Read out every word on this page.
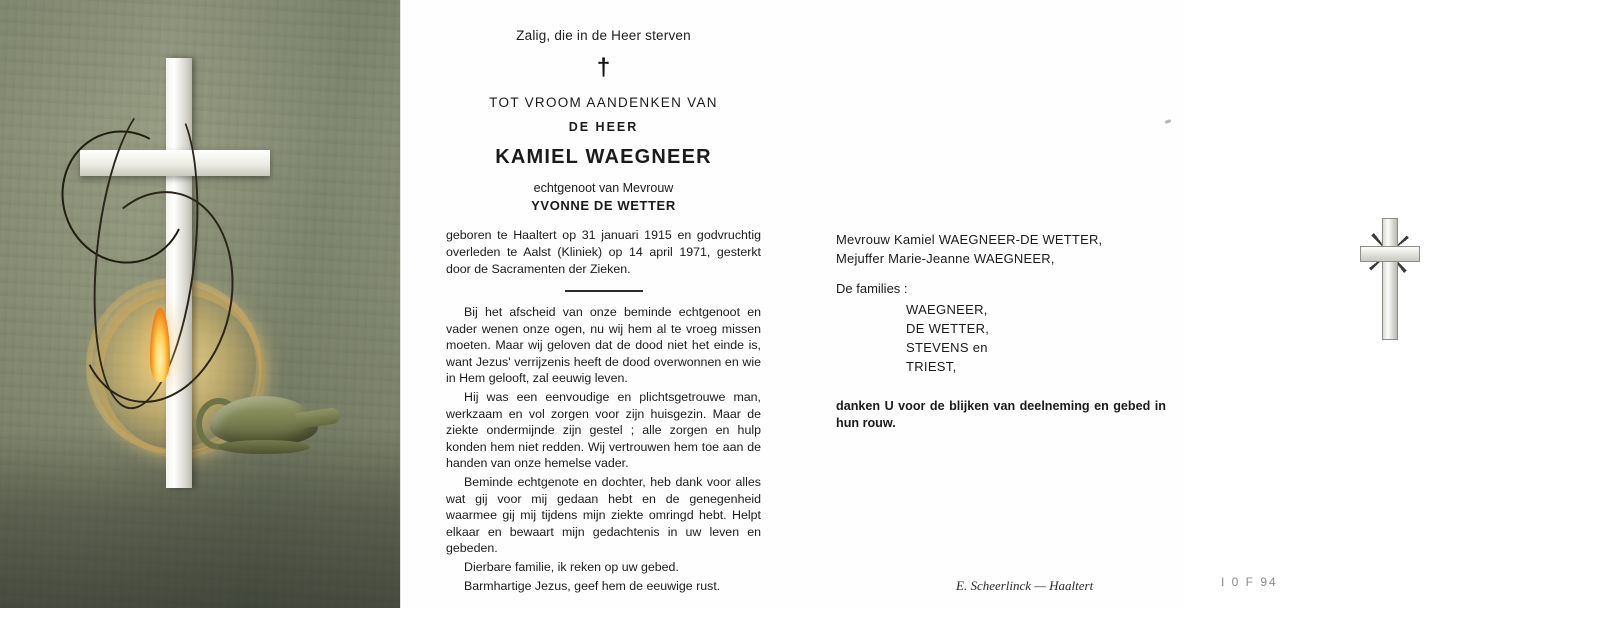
Zalig, die in de Heer sterven
†
TOT VROOM AANDENKEN VAN
DE HEER
KAMIEL WAEGNEER
echtgenoot van Mevrouw
YVONNE DE WETTER
geboren te Haaltert op 31 januari 1915 en godvruchtig overleden te Aalst (Kliniek) op 14 april 1971, gesterkt door de Sacramenten der Zieken.

Bij het afscheid van onze beminde echtgenoot en vader wenen onze ogen, nu wij hem al te vroeg missen moeten. Maar wij geloven dat de dood niet het einde is, want Jezus' verrijzenis heeft de dood overwonnen en wie in Hem gelooft, zal eeuwig leven.

Hij was een eenvoudige en plichtsgetrouwe man, werkzaam en vol zorgen voor zijn huisgezin. Maar de ziekte ondermijnde zijn gestel ; alle zorgen en hulp konden hem niet redden. Wij vertrouwen hem toe aan de handen van onze hemelse vader.

Beminde echtgenote en dochter, heb dank voor alles wat gij voor mij gedaan hebt en de genegenheid waarmee gij mij tijdens mijn ziekte omringd hebt. Helpt elkaar en bewaart mijn gedachtenis in uw leven en gebeden.

Dierbare familie, ik reken op uw gebed.

Barmhartige Jezus, geef hem de eeuwige rust.

Mevrouw Kamiel WAEGNEER-DE WETTER,
Mejuffer Marie-Jeanne WAEGNEER,
De families :
WAEGNEER,
DE WETTER,
STEVENS en
TRIEST,
danken U voor de blijken van deelneming en gebed in hun rouw.
E. Scheerlinck — Haaltert	I 0 F 94
